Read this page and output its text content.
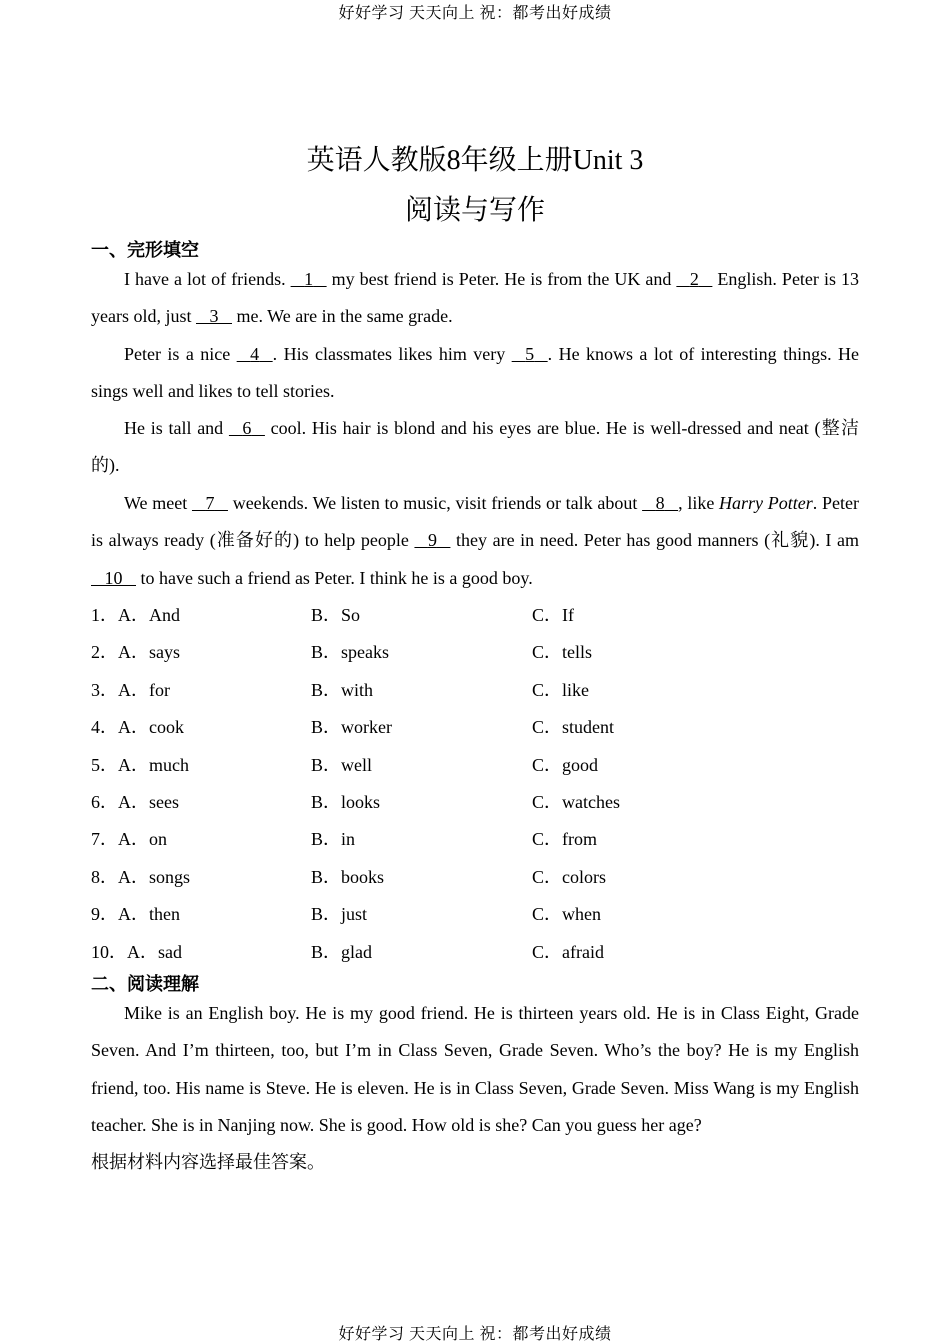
好好学习 天天向上 祝：都考出好成绩
英语人教版8年级上册Unit 3
阅读与写作
一、完形填空

I have a lot of friends.    1    my best friend is Peter. He is from the UK and    2    English. Peter is 13 years old, just    3    me. We are in the same grade.

Peter is a nice    4 . His classmates likes him very    5 . He knows a lot of interesting things. He sings well and likes to tell stories.

He is tall and    6    cool. His hair is blond and his eyes are blue. He is well-dressed and neat (整洁的).

We meet    7    weekends. We listen to music, visit friends or talk about    8 , like Harry Potter. Peter is always ready (准备好的) to help people    9    they are in need. Peter has good manners (礼貌). I am    10    to have such a friend as Peter. I think he is a good boy.

1．A．And	B．So	C．If
2．A．says	B．speaks	C．tells
3．A．for	B．with	C．like
4．A．cook	B．worker	C．student
5．A．much	B．well	C．good
6．A．sees	B．looks	C．watches
7．A．on	B．in	C．from
8．A．songs	B．books	C．colors
9．A．then	B．just	C．when
10．A．sad	B．glad	C．afraid
二、阅读理解

Mike is an English boy. He is my good friend. He is thirteen years old. He is in Class Eight, Grade Seven. And I’m thirteen, too, but I’m in Class Seven, Grade Seven. Who’s the boy? He is my English friend, too. His name is Steve. He is eleven. He is in Class Seven, Grade Seven. Miss Wang is my English teacher. She is in Nanjing now. She is good. How old is she? Can you guess her age?

根据材料内容选择最佳答案。

好好学习 天天向上 祝：都考出好成绩
